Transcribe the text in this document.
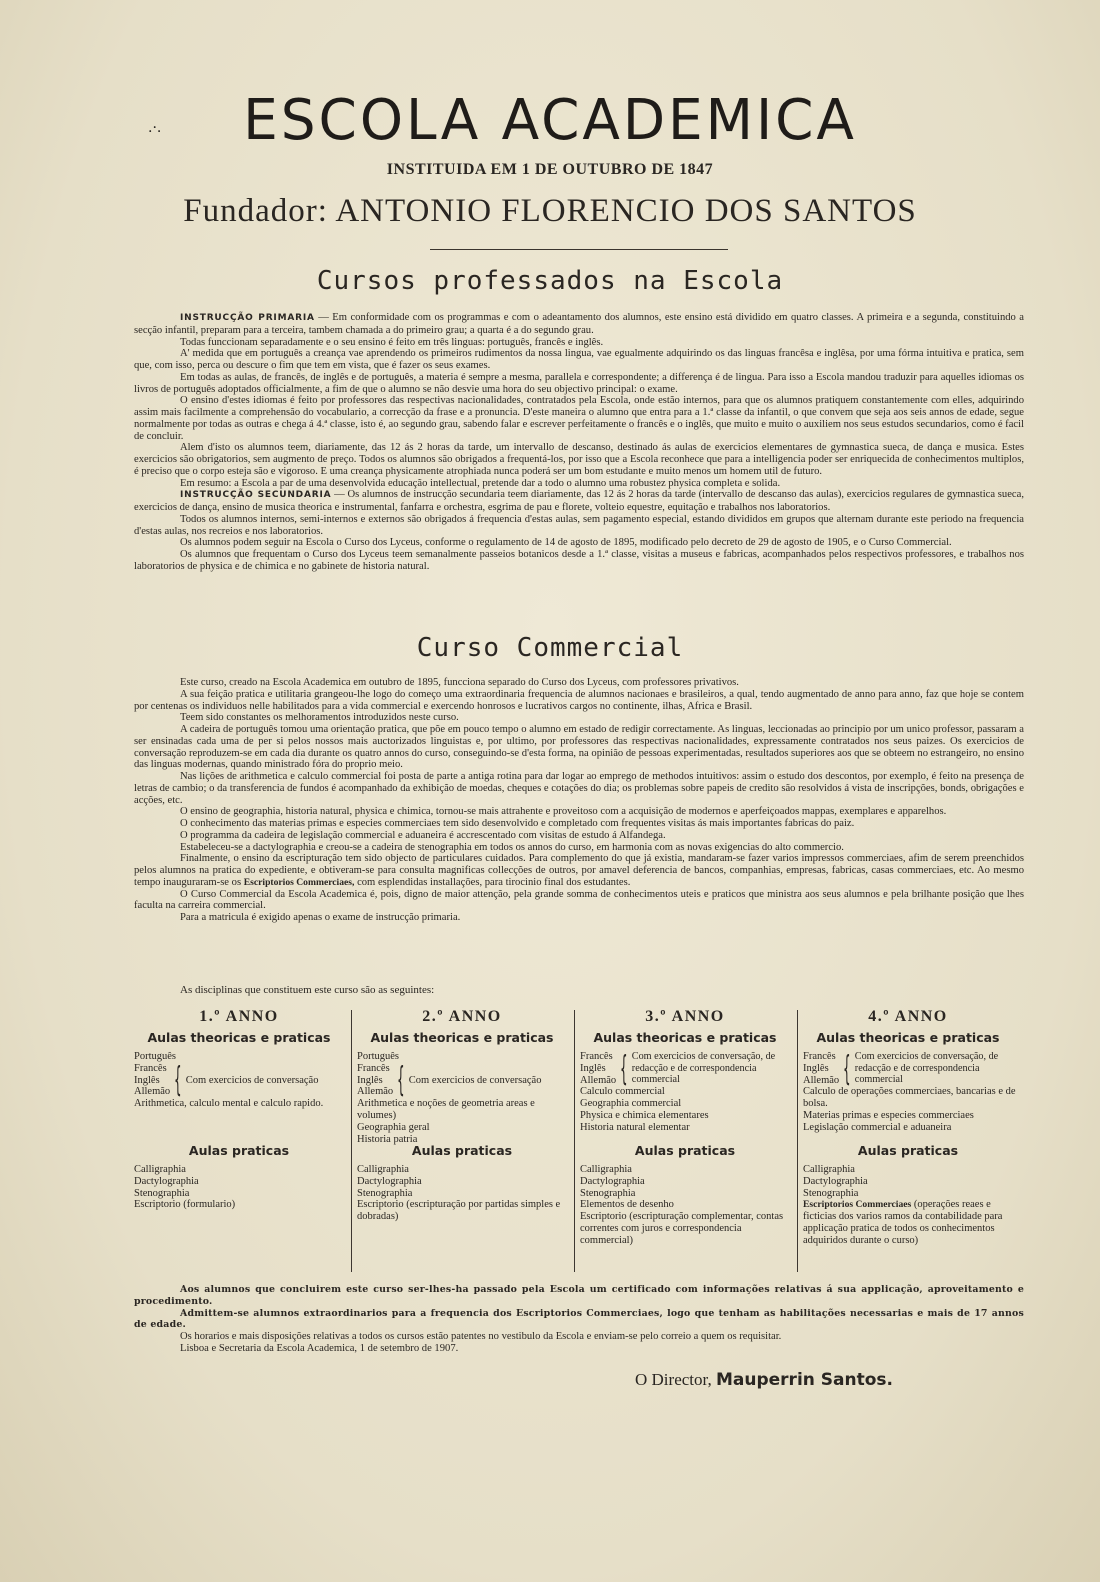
.·.	ESCOLA ACADEMICA
INSTITUIDA EM 1 DE OUTUBRO DE 1847
Fundador: ANTONIO FLORENCIO DOS SANTOS
Cursos professados na Escola

INSTRUCÇÃO PRIMARIA — Em conformidade com os programmas e com o adeantamento dos alumnos, este ensino está dividido em quatro classes. A primeira e a segunda, constituindo a secção infantil, preparam para a terceira, tambem chamada a do primeiro grau; a quarta é a do segundo grau.

Todas funccionam separadamente e o seu ensino é feito em três linguas: português, francês e inglês.

A' medida que em português a creança vae aprendendo os primeiros rudimentos da nossa lingua, vae egualmente adquirindo os das linguas francêsa e inglêsa, por uma fórma intuitiva e pratica, sem que, com isso, perca ou descure o fim que tem em vista, que é fazer os seus exames.

Em todas as aulas, de francês, de inglês e de português, a materia é sempre a mesma, parallela e correspondente; a differença é de lingua. Para isso a Escola mandou traduzir para aquelles idiomas os livros de português adoptados officialmente, a fim de que o alumno se não desvie uma hora do seu objectivo principal: o exame.

O ensino d'estes idiomas é feito por professores das respectivas nacionalidades, contratados pela Escola, onde estão internos, para que os alumnos pratiquem constantemente com elles, adquirindo assim mais facilmente a comprehensão do vocabulario, a correcção da frase e a pronuncia. D'este maneira o alumno que entra para a 1.ª classe da infantil, o que convem que seja aos seis annos de edade, segue normalmente por todas as outras e chega á 4.ª classe, isto é, ao segundo grau, sabendo falar e escrever perfeitamente o francês e o inglês, que muito e muito o auxiliem nos seus estudos secundarios, como é facil de concluir.

Alem d'isto os alumnos teem, diariamente, das 12 ás 2 horas da tarde, um intervallo de descanso, destinado ás aulas de exercicios elementares de gymnastica sueca, de dança e musica. Estes exercicios são obrigatorios, sem augmento de preço. Todos os alumnos são obrigados a frequentá-los, por isso que a Escola reconhece que para a intelligencia poder ser enriquecida de conhecimentos multiplos, é preciso que o corpo esteja são e vigoroso. E uma creança physicamente atrophiada nunca poderá ser um bom estudante e muito menos um homem util de futuro.

Em resumo: a Escola a par de uma desenvolvida educação intellectual, pretende dar a todo o alumno uma robustez physica completa e solida.

INSTRUCÇÃO SECUNDARIA — Os alumnos de instrucção secundaria teem diariamente, das 12 ás 2 horas da tarde (intervallo de descanso das aulas), exercicios regulares de gymnastica sueca, exercicios de dança, ensino de musica theorica e instrumental, fanfarra e orchestra, esgrima de pau e florete, volteio equestre, equitação e trabalhos nos laboratorios.

Todos os alumnos internos, semi-internos e externos são obrigados á frequencia d'estas aulas, sem pagamento especial, estando divididos em grupos que alternam durante este periodo na frequencia d'estas aulas, nos recreios e nos laboratorios.

Os alumnos podem seguir na Escola o Curso dos Lyceus, conforme o regulamento de 14 de agosto de 1895, modificado pelo decreto de 29 de agosto de 1905, e o Curso Commercial.

Os alumnos que frequentam o Curso dos Lyceus teem semanalmente passeios botanicos desde a 1.ª classe, visitas a museus e fabricas, acompanhados pelos respectivos professores, e trabalhos nos laboratorios de physica e de chimica e no gabinete de historia natural.

Curso Commercial

Este curso, creado na Escola Academica em outubro de 1895, funcciona separado do Curso dos Lyceus, com professores privativos.

A sua feição pratica e utilitaria grangeou-lhe logo do começo uma extraordinaria frequencia de alumnos nacionaes e brasileiros, a qual, tendo augmentado de anno para anno, faz que hoje se contem por centenas os individuos nelle habilitados para a vida commercial e exercendo honrosos e lucrativos cargos no continente, ilhas, Africa e Brasil.

Teem sido constantes os melhoramentos introduzidos neste curso.

A cadeira de português tomou uma orientação pratica, que põe em pouco tempo o alumno em estado de redigir correctamente. As linguas, leccionadas ao principio por um unico professor, passaram a ser ensinadas cada uma de per si pelos nossos mais auctorizados linguistas e, por ultimo, por professores das respectivas nacionalidades, expressamente contratados nos seus paizes. Os exercicios de conversação reproduzem-se em cada dia durante os quatro annos do curso, conseguindo-se d'esta forma, na opinião de pessoas experimentadas, resultados superiores aos que se obteem no estrangeiro, no ensino das linguas modernas, quando ministrado fóra do proprio meio.

Nas lições de arithmetica e calculo commercial foi posta de parte a antiga rotina para dar logar ao emprego de methodos intuitivos: assim o estudo dos descontos, por exemplo, é feito na presença de letras de cambio; o da transferencia de fundos é acompanhado da exhibição de moedas, cheques e cotações do dia; os problemas sobre papeis de credito são resolvidos á vista de inscripções, bonds, obrigações e acções, etc.

O ensino de geographia, historia natural, physica e chimica, tornou-se mais attrahente e proveitoso com a acquisição de modernos e aperfeiçoados mappas, exemplares e apparelhos.

O conhecimento das materias primas e especies commerciaes tem sido desenvolvido e completado com frequentes visitas ás mais importantes fabricas do paiz.

O programma da cadeira de legislação commercial e aduaneira é accrescentado com visitas de estudo á Alfandega.

Estabeleceu-se a dactylographia e creou-se a cadeira de stenographia em todos os annos do curso, em harmonia com as novas exigencias do alto commercio.

Finalmente, o ensino da escripturação tem sido objecto de particulares cuidados. Para complemento do que já existia, mandaram-se fazer varios impressos commerciaes, afim de serem preenchidos pelos alumnos na pratica do expediente, e obtiveram-se para consulta magnificas collecções de outros, por amavel deferencia de bancos, companhias, empresas, fabricas, casas commerciaes, etc. Ao mesmo tempo inauguraram-se os Escriptorios Commerciaes, com esplendidas installações, para tirocinio final dos estudantes.

O Curso Commercial da Escola Academica é, pois, digno de maior attenção, pela grande somma de conhecimentos uteis e praticos que ministra aos seus alumnos e pela brilhante posição que lhes faculta na carreira commercial.

Para a matricula é exigido apenas o exame de instrucção primaria.

As disciplinas que constituem este curso são as seguintes:
1.º ANNO
Aulas theoricas e praticas
Português
Francês
Inglês
Allemão { Com exercicios de conversação
Arithmetica, calculo mental e calculo rapido.
Aulas praticas
Calligraphia
Dactylographia
Stenographia
Escriptorio (formulario)
2.º ANNO
Aulas theoricas e praticas
Português
Francês
Inglês
Allemão { Com exercicios de conversação
Arithmetica e noções de geometria areas e volumes)
Geographia geral
Historia patria
Aulas praticas
Calligraphia
Dactylographia
Stenographia
Escriptorio (escripturação por partidas simples e dobradas)
3.º ANNO
Aulas theoricas e praticas
Francês
Inglês
Allemão { Com exercicios de conversação, de redacção e de correspondencia commercial
Calculo commercial
Geographia commercial
Physica e chimica elementares
Historia natural elementar
Aulas praticas
Calligraphia
Dactylographia
Stenographia
Elementos de desenho
Escriptorio (escripturação complementar, contas correntes com juros e correspondencia commercial)
4.º ANNO
Aulas theoricas e praticas
Francês
Inglês
Allemão { Com exercicios de conversação, de redacção e de correspondencia commercial
Calculo de operações commerciaes, bancarias e de bolsa.
Materias primas e especies commerciaes
Legislação commercial e aduaneira
Aulas praticas
Calligraphia
Dactylographia
Stenographia
Escriptorios Commerciaes (operações reaes e ficticias dos varios ramos da contabilidade para applicação pratica de todos os conhecimentos adquiridos durante o curso)

Aos alumnos que concluirem este curso ser-lhes-ha passado pela Escola um certificado com informações relativas á sua applicação, aproveitamento e procedimento.

Admittem-se alumnos extraordinarios para a frequencia dos Escriptorios Commerciaes, logo que tenham as habilitações necessarias e mais de 17 annos de edade.

Os horarios e mais disposições relativas a todos os cursos estão patentes no vestibulo da Escola e enviam-se pelo correio a quem os requisitar.

Lisboa e Secretaria da Escola Academica, 1 de setembro de 1907.

O Director, Mauperrin Santos.
